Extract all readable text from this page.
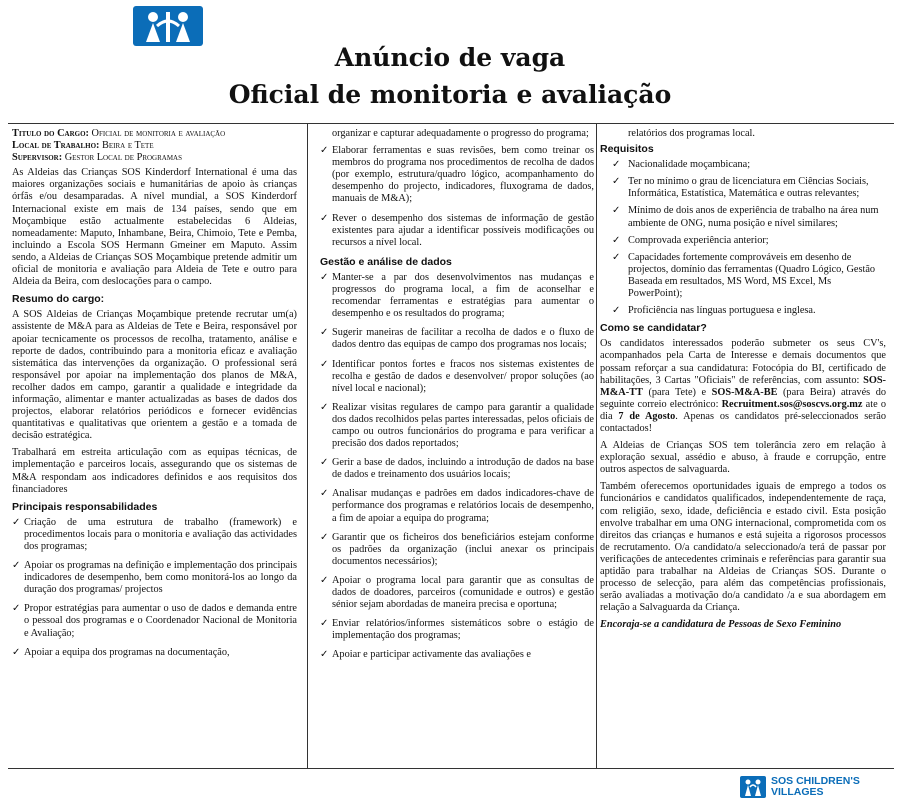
Anúncio de vaga
Oficial de monitoria e avaliação
Titulo do Cargo: Oficial de monitoria e avaliação
Local de Trabalho: Beira e Tete
Supervisor: Gestor Local de Programas

As Aldeias das Crianças SOS Kinderdorf International é uma das maiores organizações sociais e humanitárias de apoio às crianças órfãs e/ou desamparadas. A nível mundial, a SOS Kinderdorf Internacional existe em mais de 134 países, sendo que em Moçambique estão actualmente estabelecidas 6 Aldeias, nomeadamente: Maputo, Inhambane, Beira, Chimoio, Tete e Pemba, incluindo a Escola SOS Hermann Gmeiner em Maputo. Assim sendo, a Aldeias de Crianças SOS Moçambique pretende admitir um oficial de monitoria e avaliação para Aldeia de Tete e outro para Aldeia da Beira, com deslocações para o campo.

Resumo do cargo:

A SOS Aldeias de Crianças Moçambique pretende recrutar um(a) assistente de M&A para as Aldeias de Tete e Beira, responsável por apoiar tecnicamente os processos de recolha, tratamento, análise e reporte de dados, contribuindo para a monitoria eficaz e avaliação sistemática das intervenções da organização. O professional será responsável por apoiar na implementação dos planos de M&A, recolher dados em campo, garantir a qualidade e integridade da informação, alimentar e manter actualizadas as bases de dados dos projectos, elaborar relatórios periódicos e fornecer evidências quantitativas e qualitativas que orientem a gestão e a tomada de decisão estratégica.

Trabalhará em estreita articulação com as equipas técnicas, de implementação e parceiros locais, assegurando que os sistemas de M&A respondam aos indicadores definidos e aos requisitos dos financiadores

Principais responsabilidades
✓ Criação de uma estrutura de trabalho (framework) e procedimentos locais para o monitoria e avaliação das actividades dos programas;
✓ Apoiar os programas na definição e implementação dos principais indicadores de desempenho, bem como monitorá-los ao longo da duração dos programas/ projectos
✓ Propor estratégias para aumentar o uso de dados e demanda entre o pessoal dos programas e o Coordenador Nacional de Monitoria e Avaliação;
✓ Apoiar a equipa dos programas na documentação,

organizar e capturar adequadamente o progresso do programa;

✓ Elaborar ferramentas e suas revisões, bem como treinar os membros do programa nos procedimentos de recolha de dados (por exemplo, estrutura/quadro lógico, acompanhamento do desempenho do projecto, indicadores, fluxograma de dados, manuais de M&A);
✓ Rever o desempenho dos sistemas de informação de gestão existentes para ajudar a identificar possíveis modificações ou recursos a nível local.
Gestão e análise de dados
✓ Manter-se a par dos desenvolvimentos nas mudanças e progressos do programa local, a fim de aconselhar e recomendar ferramentas e estratégias para aumentar o desempenho e os resultados do programa;
✓ Sugerir maneiras de facilitar a recolha de dados e o fluxo de dados dentro das equipas de campo dos programas nos locais;
✓ Identificar pontos fortes e fracos nos sistemas existentes de recolha e gestão de dados e desenvolver/ propor soluções (ao nível local e nacional);
✓ Realizar visitas regulares de campo para garantir a qualidade dos dados recolhidos pelas partes interessadas, pelos oficiais de campo ou outros funcionários do programa e para verificar a precisão dos dados reportados;
✓ Gerir a base de dados, incluindo a introdução de dados na base de dados e treinamento dos usuários locais;
✓ Analisar mudanças e padrões em dados indicadores-chave de performance dos programas e relatórios locais de desempenho, a fim de apoiar a equipa do programa;
✓ Garantir que os ficheiros dos beneficiários estejam conforme os padrões da organização (inclui anexar os principais documentos necessários);
✓ Apoiar o programa local para garantir que as consultas de dados de doadores, parceiros (comunidade e outros) e gestão sénior sejam abordadas de maneira precisa e oportuna;
✓ Enviar relatórios/informes sistemáticos sobre o estágio de implementação dos programas;
✓ Apoiar e participar activamente das avaliações e

relatórios dos programas local.

Requisitos
✓ Nacionalidade moçambicana;
✓ Ter no mínimo o grau de licenciatura em Ciências Sociais, Informática, Estatística, Matemática e outras relevantes;
✓ Mínimo de dois anos de experiência de trabalho na área num ambiente de ONG, numa posição e nível similares;
✓ Comprovada experiência anterior;
✓ Capacidades fortemente comprováveis em desenho de projectos, domínio das ferramentas (Quadro Lógico, Gestão Baseada em resultados, MS Word, MS Excel, Ms PowerPoint);
✓ Proficiência nas línguas portuguesa e inglesa.
Como se candidatar?

Os candidatos interessados poderão submeter os seus CV's, acompanhados pela Carta de Interesse e demais documentos que possam reforçar a sua candidatura: Fotocópia do BI, certificado de habilitações, 3 Cartas "Oficiais" de referências, com assunto: SOS-M&A-TT (para Tete) e SOS-M&A-BE (para Beira) através do seguinte correio electrónico: Recruitment.sos@soscvs.org.mz ate o dia 7 de Agosto. Apenas os candidatos pré-seleccionados serão contactados!

A Aldeias de Crianças SOS tem tolerância zero em relação à exploração sexual, assédio e abuso, à fraude e corrupção, entre outros aspectos de salvaguarda.

Também oferecemos oportunidades iguais de emprego a todos os funcionários e candidatos qualificados, independentemente de raça, com religião, sexo, idade, deficiência e estado civil. Esta posição envolve trabalhar em uma ONG internacional, comprometida com os direitos das crianças e humanos e está sujeita a rigorosos processos de recrutamento. O/a candidato/a seleccionado/a terá de passar por verificações de antecedentes criminais e referências para garantir sua aptidão para trabalhar na Aldeias de Crianças SOS. Durante o processo de selecção, para além das competências profissionais, serão avaliadas a motivação do/a candidato /a e sua abordagem em relação a Salvaguarda da Criança.

Encoraja-se a candidatura de Pessoas de Sexo Feminino

SOS CHILDREN'S
VILLAGES
